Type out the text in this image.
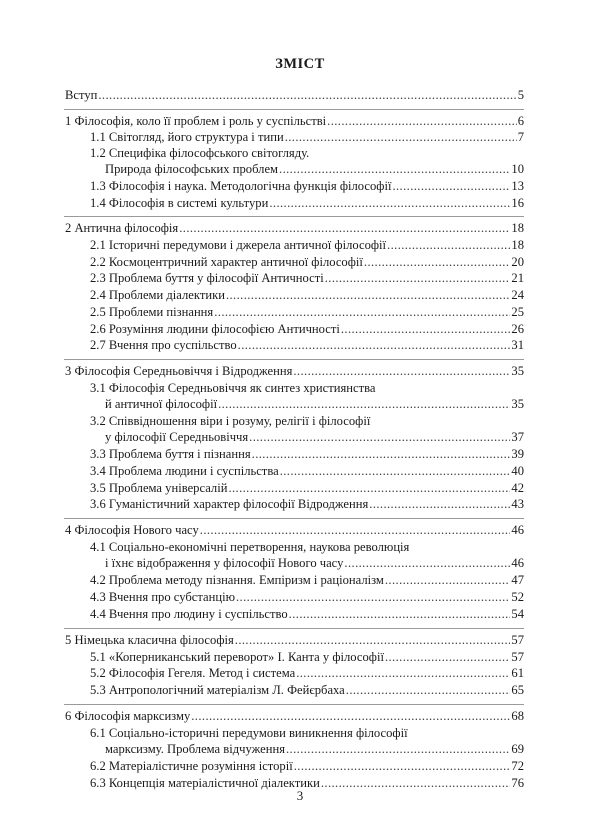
ЗМІСТ
Вступ .....	5
1 Філософія, коло її проблем і роль у суспільстві .....	6
1.1 Світогляд, його структура і типи .....	7
1.2 Специфіка філософського світогляду.
Природа філософських проблем .....	10
1.3 Філософія і наука. Методологічна функція філософії .....	13
1.4 Філософія в системі культури .....	16
2 Антична філософія .....	18
2.1 Історичні передумови і джерела античної філософії .....	18
2.2 Космоцентричний характер античної філософії .....	20
2.3 Проблема буття у філософії Античності .....	21
2.4 Проблеми діалектики .....	24
2.5 Проблеми пізнання .....	25
2.6 Розуміння людини філософією Античності .....	26
2.7 Вчення про суспільство .....	31
3 Філософія Середньовіччя і Відродження .....	35
3.1 Філософія Середньовіччя як синтез християнства
й античної філософії .....	35
3.2 Співвідношення віри і розуму, релігії і філософії
у філософії Середньовіччя .....	37
3.3 Проблема буття і пізнання .....	39
3.4 Проблема людини і суспільства .....	40
3.5 Проблема універсалій .....	42
3.6 Гуманістичний характер філософії Відродження .....	43
4 Філософія Нового часу .....	46
4.1 Соціально-економічні перетворення, наукова революція
і їхнє відображення у філософії Нового часу .....	46
4.2 Проблема методу пізнання. Емпіризм і раціоналізм .....	47
4.3 Вчення про субстанцію .....	52
4.4 Вчення про людину і суспільство .....	54
5 Німецька класична філософія .....	57
5.1 «Коперниканський переворот» І. Канта у філософії .....	57
5.2 Філософія Гегеля. Метод і система .....	61
5.3 Антропологічний матеріалізм Л. Фейєрбаха .....	65
6 Філософія марксизму .....	68
6.1 Соціально-історичні передумови виникнення філософії
марксизму. Проблема відчуження .....	69
6.2 Матеріалістичне розуміння історії .....	72
6.3 Концепція матеріалістичної діалектики .....	76
3
